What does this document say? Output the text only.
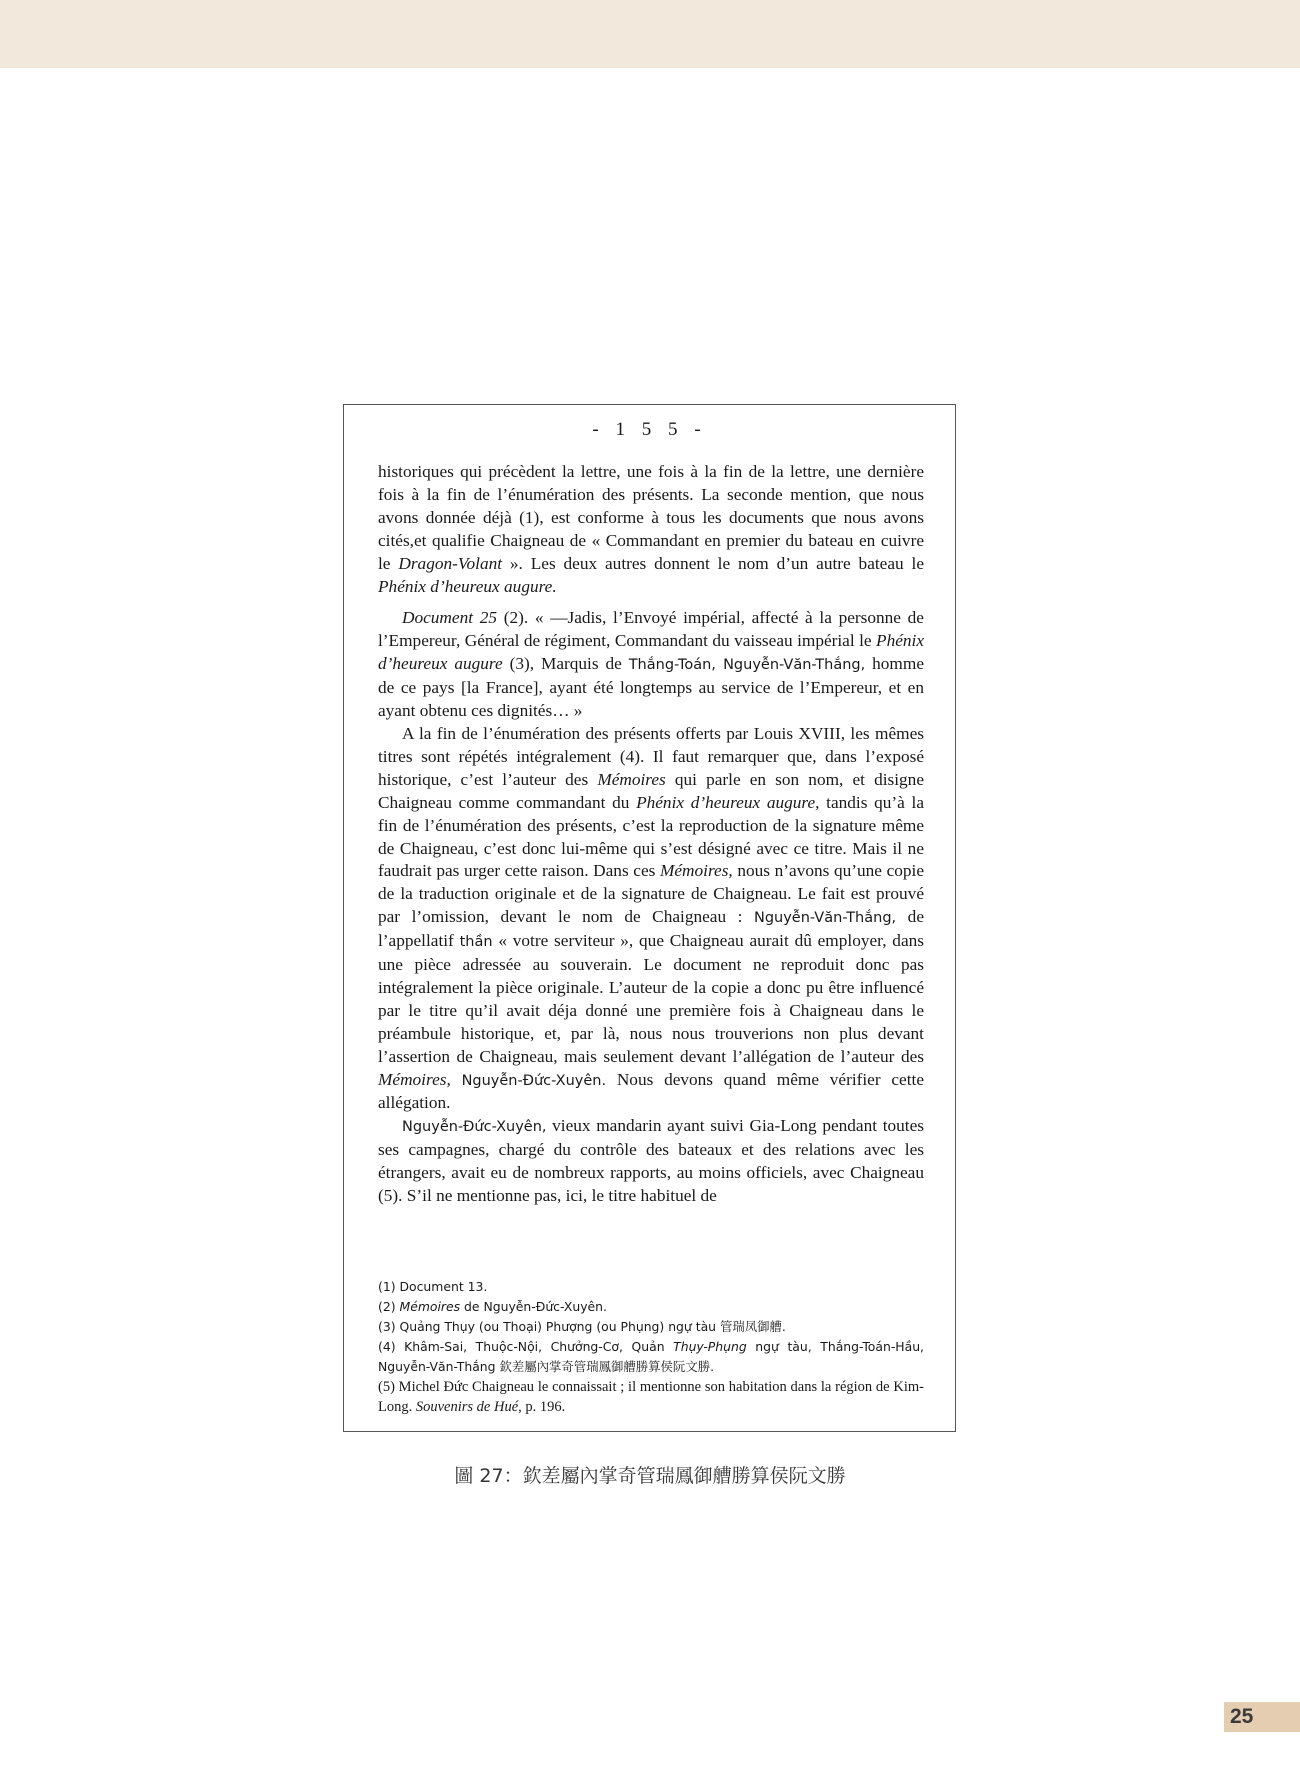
- 1 5 5 -

historiques qui précèdent la lettre, une fois à la fin de la lettre, une dernière fois à la fin de l’énumération des présents. La seconde mention, que nous avons donnée déjà (1), est conforme à tous les documents que nous avons cités,et qualifie Chaigneau de « Commandant en premier du bateau en cuivre le Dragon-Volant ». Les deux autres donnent le nom d’un autre bateau le Phénix d’heureux augure.

Document 25 (2). « —Jadis, l’Envoyé impérial, affecté à la personne de l’Empereur, Général de régiment, Commandant du vaisseau impérial le Phénix d’heureux augure (3), Marquis de Thắng-Toán, Nguyễn-Văn-Thắng, homme de ce pays [la France], ayant été longtemps au service de l’Empereur, et en ayant obtenu ces dignités… »

A la fin de l’énumération des présents offerts par Louis XVIII, les mêmes titres sont répétés intégralement (4). Il faut remarquer que, dans l’exposé historique, c’est l’auteur des Mémoires qui parle en son nom, et disigne Chaigneau comme commandant du Phénix d’heureux augure, tandis qu’à la fin de l’énumération des présents, c’est la reproduction de la signature même de Chaigneau, c’est donc lui-même qui s’est désigné avec ce titre. Mais il ne faudrait pas urger cette raison. Dans ces Mémoires, nous n’avons qu’une copie de la traduction originale et de la signature de Chaigneau. Le fait est prouvé par l’omission, devant le nom de Chaigneau : Nguyễn-Văn-Thắng, de l’appellatif thần « votre serviteur », que Chaigneau aurait dû employer, dans une pièce adressée au souverain. Le document ne reproduit donc pas intégralement la pièce originale. L’auteur de la copie a donc pu être influencé par le titre qu’il avait déja donné une première fois à Chaigneau dans le préambule historique, et, par là, nous nous trouverions non plus devant l’assertion de Chaigneau, mais seulement devant l’allégation de l’auteur des Mémoires, Nguyễn-Đức-Xuyên. Nous devons quand même vérifier cette allégation.

Nguyễn-Đức-Xuyên, vieux mandarin ayant suivi Gia-Long pendant toutes ses campagnes, chargé du contrôle des bateaux et des relations avec les étrangers, avait eu de nombreux rapports, au moins officiels, avec Chaigneau (5). S’il ne mentionne pas, ici, le titre habituel de

(1) Document 13.

(2) Mémoires de Nguyễn-Đức-Xuyên.

(3) Quảng Thụy (ou Thoại) Phượng (ou Phụng) ngự tàu 管瑞凤御艚.

(4) Khâm-Sai, Thuộc-Nội, Chưởng-Cơ, Quản Thụy-Phụng ngự tàu, Thắng-Toán-Hầu, Nguyễn-Văn-Thắng 欽差屬內掌奇管瑞鳳御艚勝算侯阮文勝.

(5) Michel Đức Chaigneau le connaissait ; il mentionne son habitation dans la région de Kim-Long. Souvenirs de Hué, p. 196.

圖 27：欽差屬內掌奇管瑞鳳御艚勝算侯阮文勝
25
